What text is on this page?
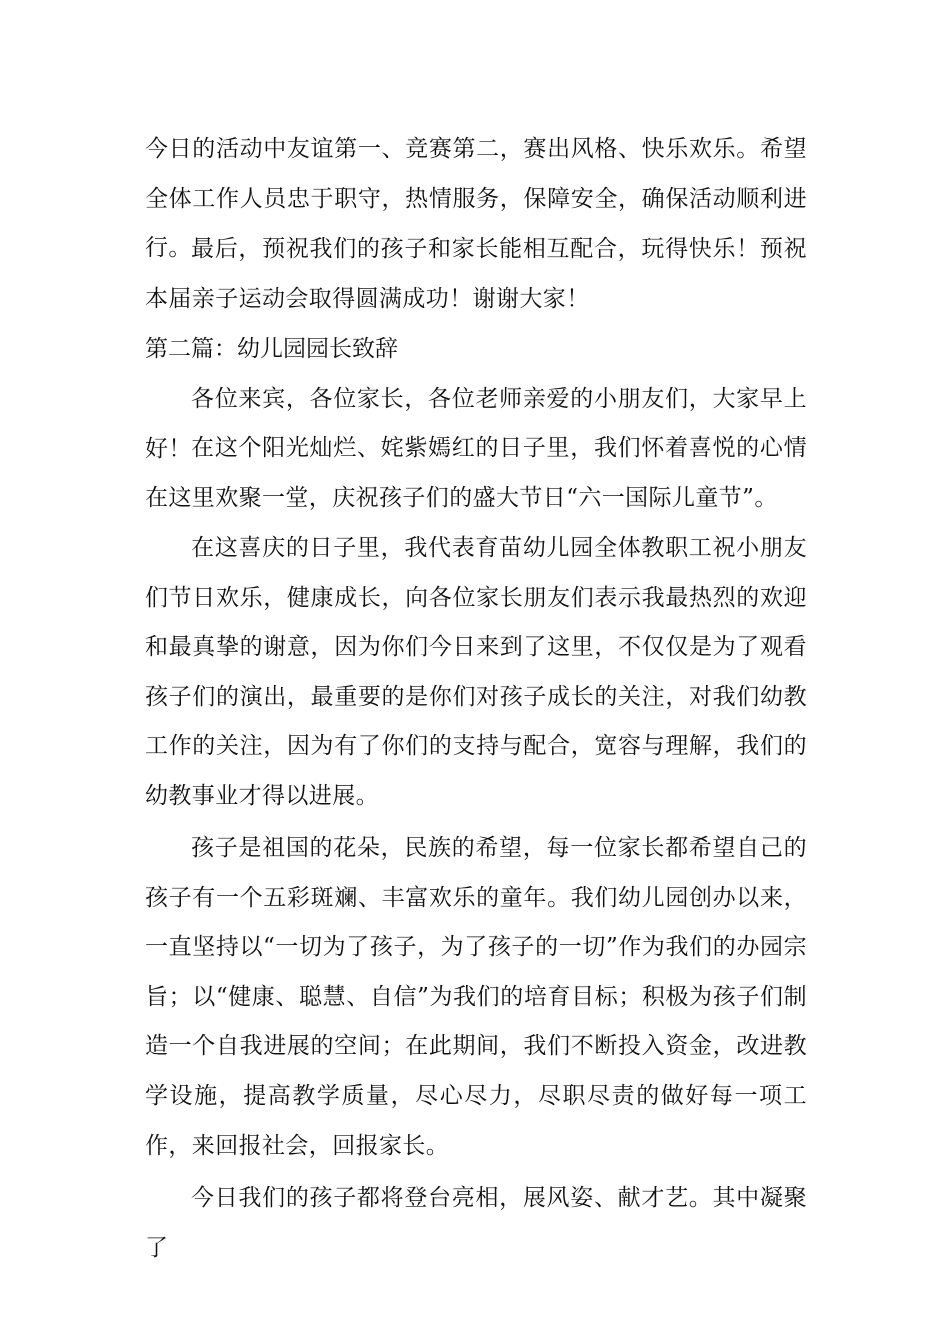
今日的活动中友谊第一、竞赛第二，赛出风格、快乐欢乐。希望全体工作人员忠于职守，热情服务，保障安全，确保活动顺利进行。 最后，预祝我们的孩子和家长能相互配合，玩得快乐！预祝本届亲子运动会取得圆满成功！谢谢大家！
第二篇：幼儿园园长致辞
各位来宾，各位家长，各位老师亲爱的小朋友们，大家早上好！ 在这个阳光灿烂、姹紫嫣红的日子里，我们怀着喜悦的心情在这里欢聚一堂，庆祝孩子们的盛大节日“六一国际儿童节”。
在这喜庆的日子里，我代表育苗幼儿园全体教职工祝小朋友们节日欢乐，健康成长，向各位家长朋友们表示我最热烈的欢迎和最真挚的谢意，因为你们今日来到了这里，不仅仅是为了观看孩子们的演出，最重要的是你们对孩子成长的关注，对我们幼教工作的关注，因为有了你们的支持与配合，宽容与理解，我们的幼教事业才得以进展。
孩子是祖国的花朵，民族的希望，每一位家长都希望自己的孩子有一个五彩斑斓、丰富欢乐的童年。我们幼儿园创办以来，一直坚持以“一切为了孩子，为了孩子的一切”作为我们的办园宗旨；以“健康、聪慧、自信”为我们的培育目标；积极为孩子们制造一个自我进展的空间；在此期间，我们不断投入资金，改进教学设施，提高教学质量，尽心尽力，尽职尽责的做好每一项工作，来回报社会，回报家长。
今日我们的孩子都将登台亮相，展风姿、献才艺。其中凝聚了
